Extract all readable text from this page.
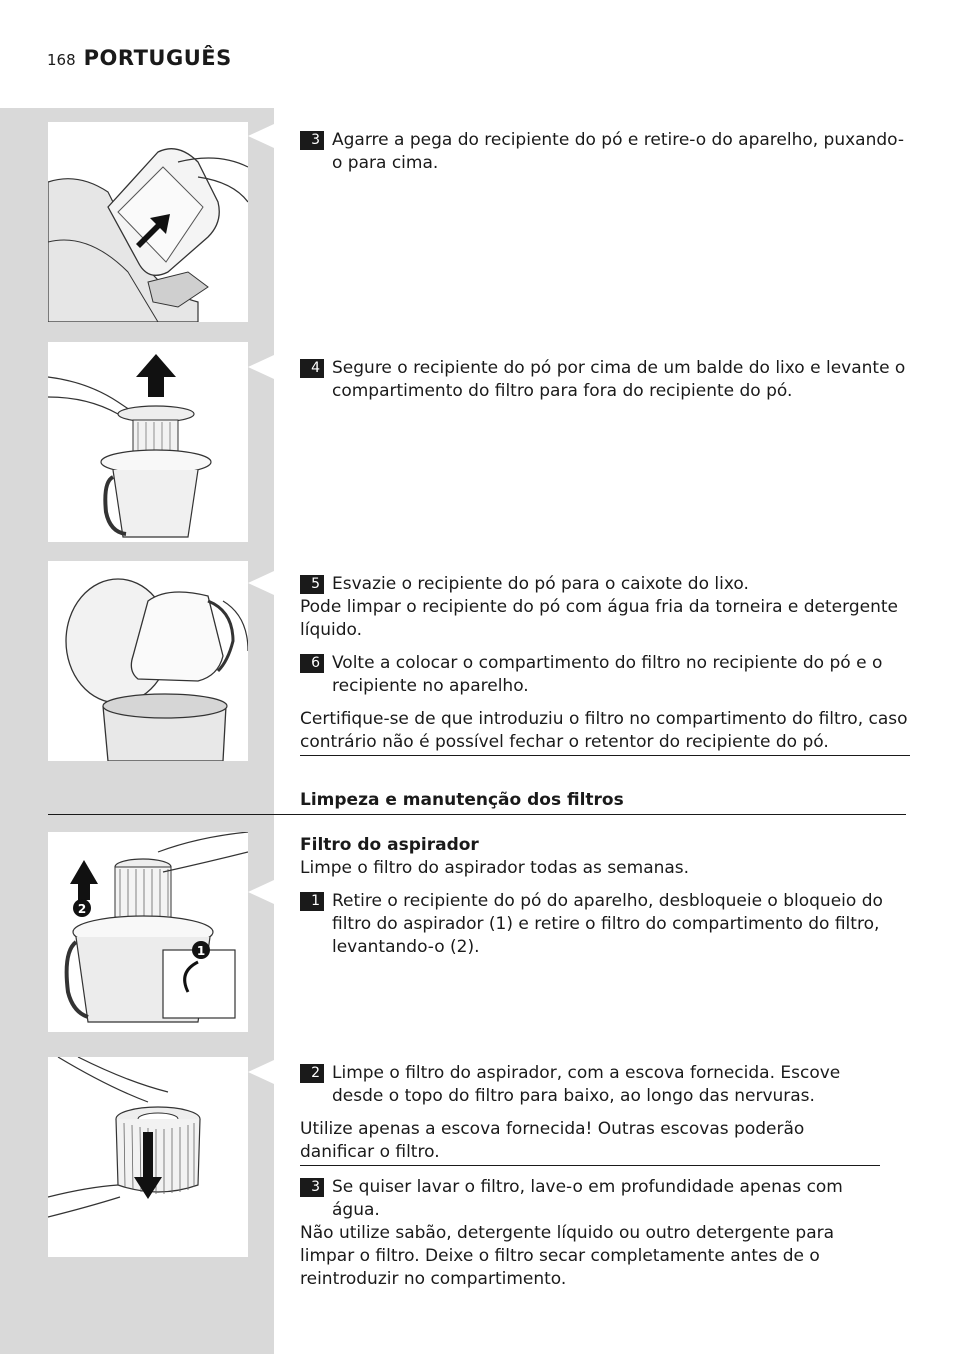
168 PORTUGUÊS
2
1
3 Agarre a pega do recipiente do pó e retire-o do aparelho, puxando-o para cima.
4 Segure o recipiente do pó por cima de um balde do lixo e levante o compartimento do filtro para fora do recipiente do pó.
5 Esvazie o recipiente do pó para o caixote do lixo.
Pode limpar o recipiente do pó com água fria da torneira e detergente líquido.
6 Volte a colocar o compartimento do filtro no recipiente do pó e o recipiente no aparelho.
Certifique-se de que introduziu o filtro no compartimento do filtro, caso contrário não é possível fechar o retentor do recipiente do pó.
Limpeza e manutenção dos filtros
Filtro do aspirador
Limpe o filtro do aspirador todas as semanas.
1 Retire o recipiente do pó do aparelho, desbloqueie o bloqueio do filtro do aspirador (1) e retire o filtro do compartimento do filtro, levantando-o (2).
2 Limpe o filtro do aspirador, com a escova fornecida. Escove desde o topo do filtro para baixo, ao longo das nervuras.
Utilize apenas a escova fornecida! Outras escovas poderão danificar o filtro.
3 Se quiser lavar o filtro, lave-o em profundidade apenas com água.
Não utilize sabão, detergente líquido ou outro detergente para limpar o filtro. Deixe o filtro secar completamente antes de o reintroduzir no compartimento.
